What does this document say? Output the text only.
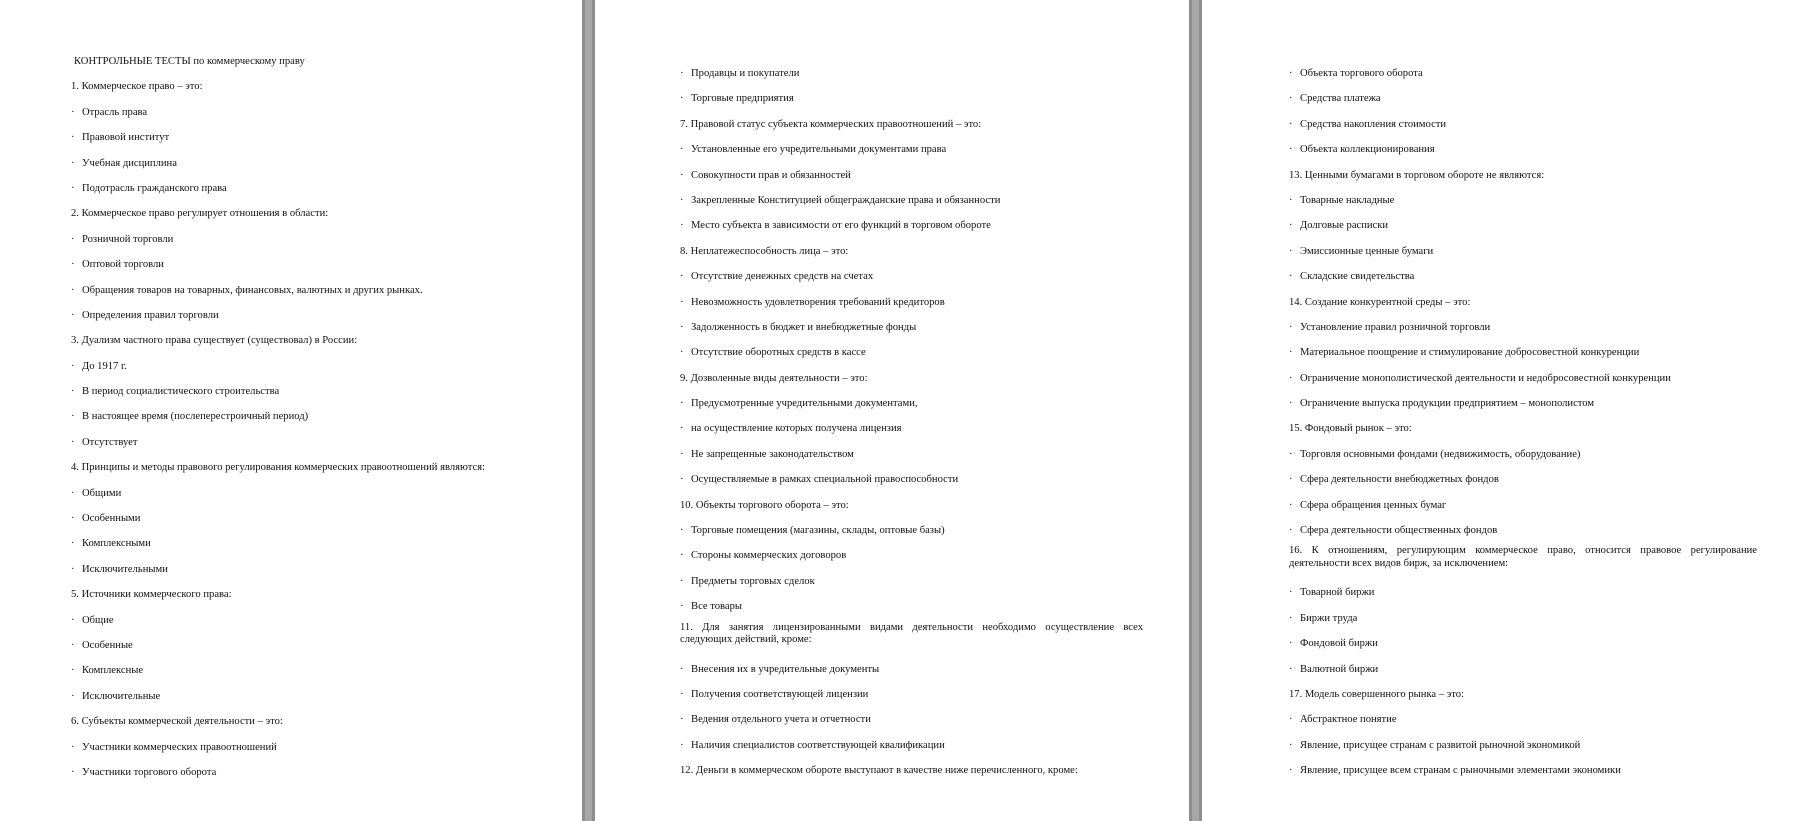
КОНТРОЛЬНЫЕ ТЕСТЫ по коммерческому праву
1. Коммерческое право – это:
· Отрасль права
· Правовой институт
· Учебная дисциплина
· Подотрасль гражданского права
2. Коммерческое право регулирует отношения в области:
· Розничной торговли
· Оптовой торговли
· Обращения товаров на товарных, финансовых, валютных и других рынках.
· Определения правил торговли
3. Дуализм частного права существует (существовал) в России:
· До 1917 г.
· В период социалистического строительства
· В настоящее время (послеперестроичный период)
· Отсутствует
4. Принципы и методы правового регулирования коммерческих правоотношений являются:
· Общими
· Особенными
· Комплексными
· Исключительными
5. Источники коммерческого права:
· Общие
· Особенные
· Комплексные
· Исключительные
6. Субъекты коммерческой деятельности – это:
· Участники коммерческих правоотношений
· Участники торгового оборота
· Продавцы и покупатели
· Торговые предприятия
7. Правовой статус субъекта коммерческих правоотношений – это:
· Установленные его учредительными документами права
· Совокупности прав и обязанностей
· Закрепленные Конституцией общегражданские права и обязанности
· Место субъекта в зависимости от его функций в торговом обороте
8. Неплатежеспособность лица – это:
· Отсутствие денежных средств на счетах
· Невозможность удовлетворения требований кредиторов
· Задолженность в бюджет и внебюджетные фонды
· Отсутствие оборотных средств в кассе
9. Дозволенные виды деятельности – это:
· Предусмотренные учредительными документами,
· на осуществление которых получена лицензия
· Не запрещенные законодательством
· Осуществляемые в рамках специальной правоспособности
10. Объекты торгового оборота – это:
· Торговые помещения (магазины, склады, оптовые базы)
· Стороны коммерческих договоров
· Предметы торговых сделок
· Все товары
11. Для занятия лицензированными видами деятельности необходимо осуществление всех следующих действий, кроме:
· Внесения их в учредительные документы
· Получения соответствующей лицензии
· Ведения отдельного учета и отчетности
· Наличия специалистов соответствующей квалификации
12. Деньги в коммерческом обороте выступают в качестве ниже перечисленного, кроме:
· Объекта торгового оборота
· Средства платежа
· Средства накопления стоимости
· Объекта коллекционирования
13. Ценными бумагами в торговом обороте не являются:
· Товарные накладные
· Долговые расписки
· Эмиссионные ценные бумаги
· Складские свидетельства
14. Создание конкурентной среды – это:
· Установление правил розничной торговли
· Материальное поощрение и стимулирование добросовестной конкуренции
· Ограничение монополистической деятельности и недобросовестной конкуренции
· Ограничение выпуска продукции предприятием – монополистом
15. Фондовый рынок – это:
· Торговля основными фондами (недвижимость, оборудование)
· Сфера деятельности внебюджетных фондов
· Сфера обращения ценных бумаг
· Сфера деятельности общественных фондов
16. К отношениям, регулирующим коммерческое право, относится правовое регулирование деятельности всех видов бирж, за исключением:
· Товарной биржи
· Биржи труда
· Фондовой биржи
· Валютной биржи
17. Модель совершенного рынка – это:
· Абстрактное понятие
· Явление, присущее странам с развитой рыночной экономикой
· Явление, присущее всем странам с рыночными элементами экономики
